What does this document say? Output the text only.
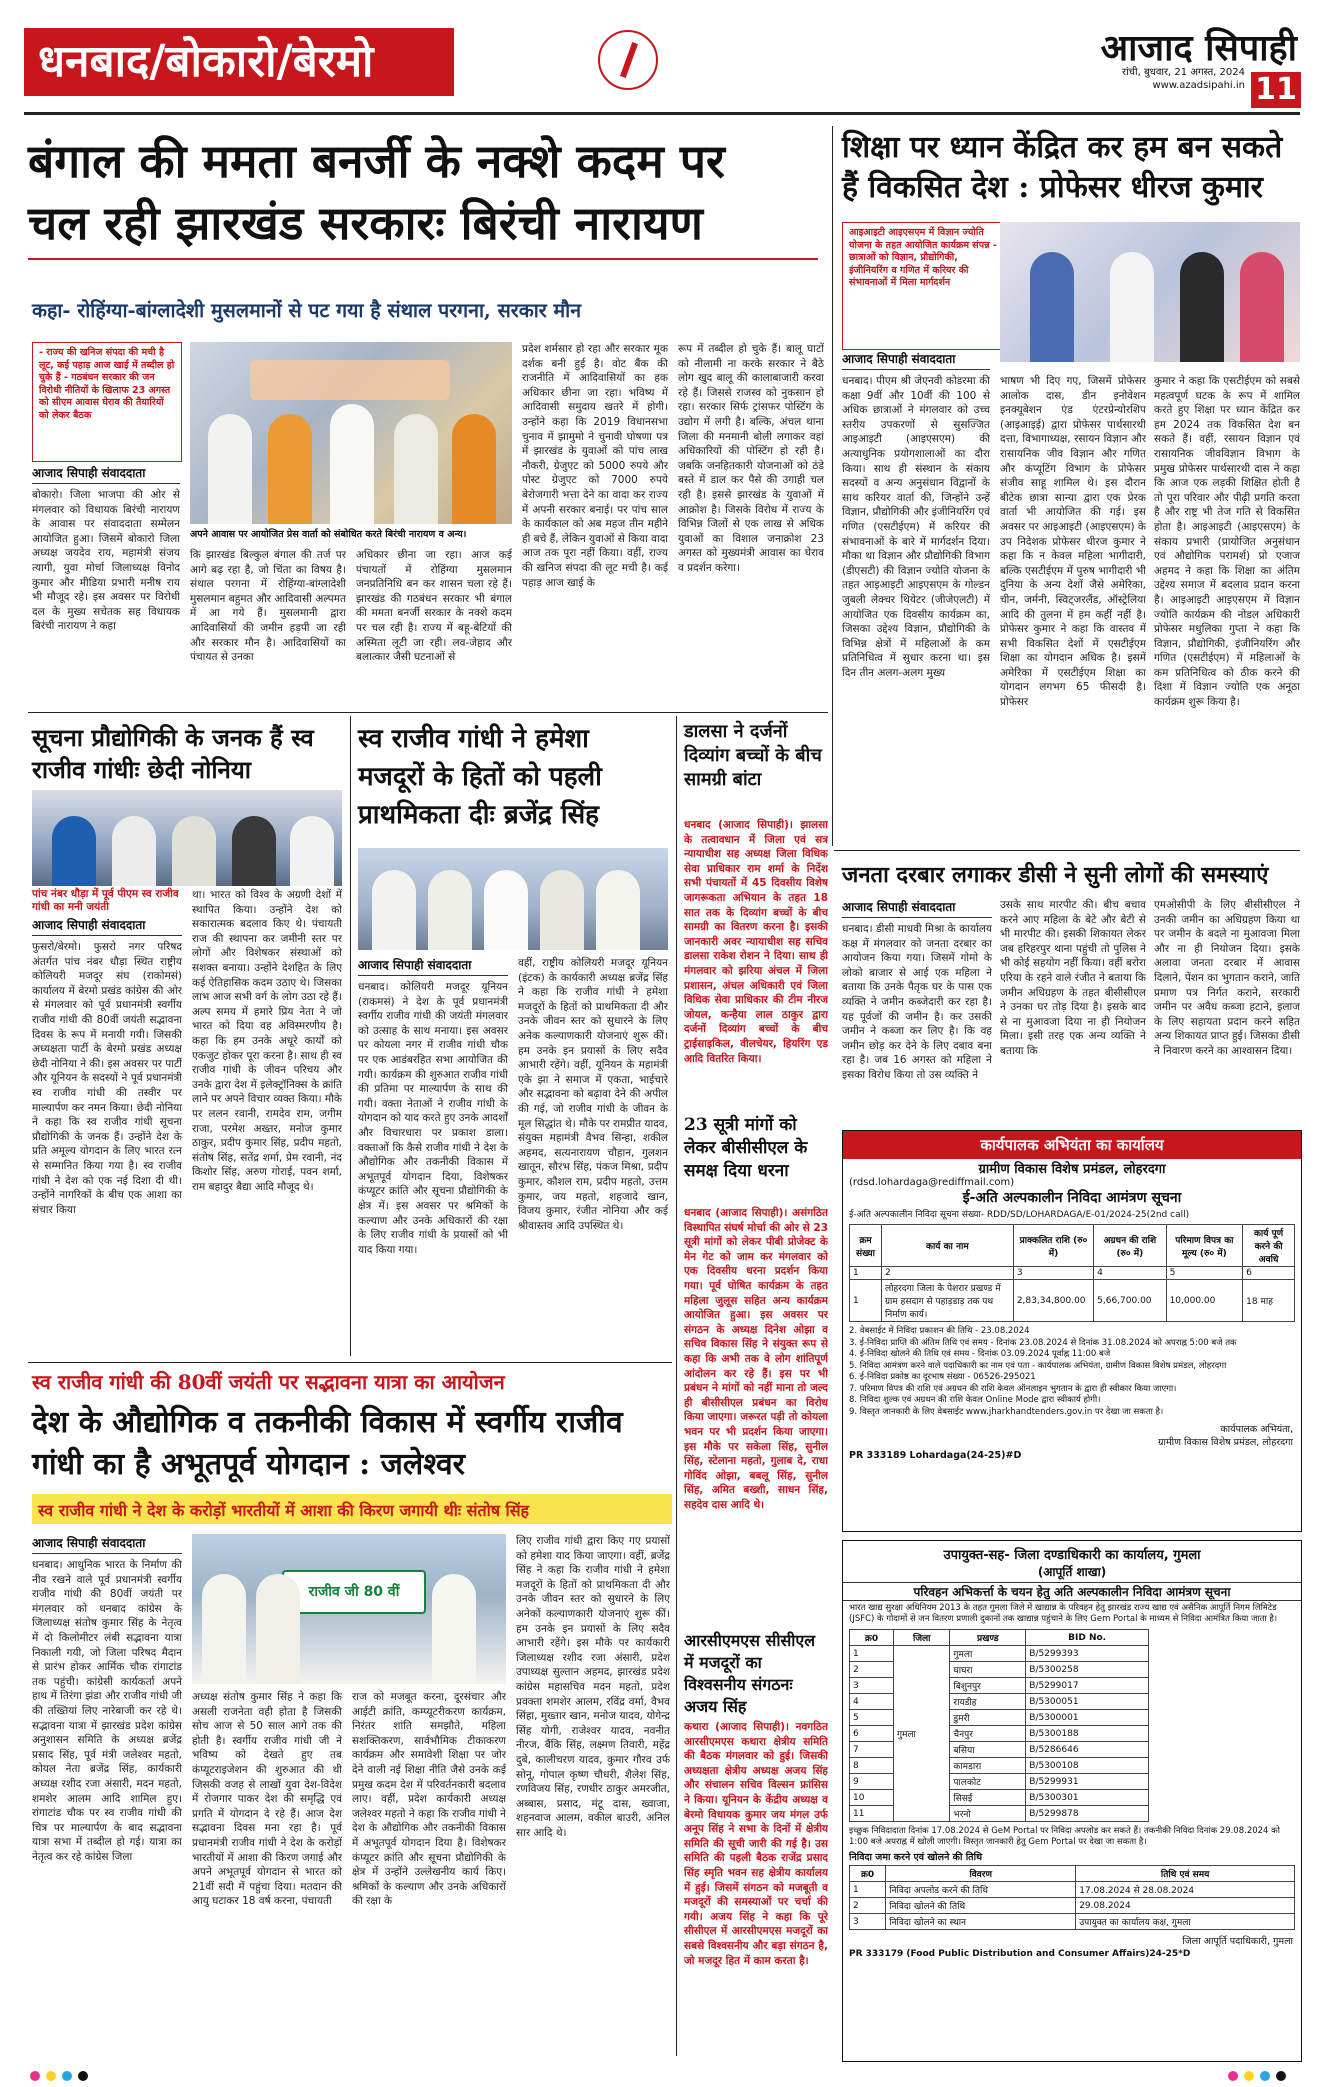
धनबाद/बोकारो/बेरमो	आजाद सिपाही
रांची, बुधवार, 21 अगस्त, 2024
www.azadsipahi.in 11
बंगाल की ममता बनर्जी के नक्शे कदम पर
चल रही झारखंड सरकारः बिरंची नारायण
कहा- रोहिंग्या-बांग्लादेशी मुसलमानों से पट गया है संथाल परगना, सरकार मौन
- राज्य की खनिज संपदा की मची है लूट, कई पहाड़ आज खाई में तब्दील हो चुके हैं - गठबंधन सरकार की जन विरोधी नीतियों के खिलाफ 23 अगस्त को सीएम आवास घेराव की तैयारियों को लेकर बैठक
आजाद सिपाही संवाददाता
बोकारो। जिला भाजपा की ओर से मंगलवार को विधायक बिरंची नारायण के आवास पर संवाददाता सम्मेलन आयोजित हुआ। जिसमें बोकारो जिला अध्यक्ष जयदेव राय, महामंत्री संजय त्यागी, युवा मोर्चा जिलाध्यक्ष विनोद कुमार और मीडिया प्रभारी मनीष राय भी मौजूद रहे। इस अवसर पर विरोधी दल के मुख्य सचेतक सह विधायक बिरंची नारायण ने कहा
अपने आवास पर आयोजित प्रेस वार्ता को संबोधित करते बिरंची नारायण व अन्य।
कि झारखंड बिल्कुल बंगाल की तर्ज पर आगे बढ़ रहा है, जो चिंता का विषय है। संथाल परगना में रोहिंग्या-बांग्लादेशी मुसलमान बहुमत और आदिवासी अल्पमत में आ गये हैं। मुसलमानी द्वारा आदिवासियों की जमीन हड़पी जा रही और सरकार मौन है। आदिवासियों का पंचायत से उनका
अधिकार छीना जा रहा। आज कई पंचायतों में रोहिंग्या मुसलमान जनप्रतिनिधि बन कर शासन चला रहे हैं। झारखंड की गठबंधन सरकार भी बंगाल की ममता बनर्जी सरकार के नक्शे कदम पर चल रही है। राज्य में बहू-बेटियों की अस्मिता लूटी जा रही। लव-जेहाद और बलात्कार जैसी घटनाओं से
प्रदेश शर्मसार हो रहा और सरकार मूक दर्शक बनी हुई है। वोट बैंक की राजनीति में आदिवासियों का हक अधिकार छीना जा रहा। भविष्य में आदिवासी समुदाय खतरे में होगी। उन्होंने कहा कि 2019 विधानसभा चुनाव में झामुमो ने चुनावी घोषणा पत्र में झारखंड के युवाओं को पांच लाख नौकरी, ग्रेजुएट को 5000 रुपये और पोस्ट ग्रेजुएट को 7000 रुपये बेरोजगारी भत्ता देने का वादा कर राज्य में अपनी सरकार बनाई। पर पांच साल के कार्यकाल को अब महज तीन महीने ही बचे हैं, लेकिन युवाओं से किया वादा आज तक पूरा नहीं किया। वहीं, राज्य की खनिज संपदा की लूट मची है। कई पहाड़ आज खाई के
रूप में तब्दील हो चुके हैं। बालू घाटों को नीलामी ना करके सरकार ने बैठे लोग खुद बालू की कालाबाजारी करवा रहे हैं। जिससे राजस्व को नुकसान हो रहा। सरकार सिर्फ ट्रांसफर पोस्टिंग के उद्योग में लगी है। बल्कि, अंचल थाना जिला की मनमानी बोली लगाकर वहां अधिकारियों की पोस्टिंग हो रही है। जबकि जनहितकारी योजनाओं को ठंडे बस्ते में डाल कर पैसे की उगाही चल रही है। इससे झारखंड के युवाओं में आक्रोश है। जिसके विरोध में राज्य के विभिन्न जिलों से एक लाख से अधिक युवाओं का विशाल जनाक्रोश 23 अगस्त को मुख्यमंत्री आवास का घेराव व प्रदर्शन करेगा।
शिक्षा पर ध्यान केंद्रित कर हम बन सकते हैं विकसित देश : प्रोफेसर धीरज कुमार
आइआइटी आइएसएम में विज्ञान ज्योति योजना के तहत आयोजित कार्यक्रम संपन्न - छात्राओं को विज्ञान, प्रौद्योगिकी, इंजीनियरिंग व गणित में करियर की संभावनाओं में मिला मार्गदर्शन
आजाद सिपाही संवाददाता
धनबाद। पीएम श्री जेएनवी कोडरमा की कक्षा 9वीं और 10वीं की 100 से अधिक छात्राओं ने मंगलवार को उच्च स्तरीय उपकरणों से सुसज्जित आइआइटी (आइएसएम) की अत्याधुनिक प्रयोगशालाओं का दौरा किया। साथ ही संस्थान के संकाय सदस्यों व अन्य अनुसंधान विद्वानों के साथ करियर वार्ता की, जिन्होंने उन्हें विज्ञान, प्रौद्योगिकी और इंजीनियरिंग एवं गणित (एसटीईएम) में करियर की संभावनाओं के बारे में मार्गदर्शन दिया। मौका था विज्ञान और प्रौद्योगिकी विभाग (डीएसटी) की विज्ञान ज्योति योजना के तहत आइआइटी आइएसएम के गोल्डन जुबली लेक्चर थियेटर (जीजेएलटी) में आयोजित एक दिवसीय कार्यक्रम का, जिसका उद्देश्य विज्ञान, प्रौद्योगिकी के विभिन्न क्षेत्रों में महिलाओं के कम प्रतिनिधित्व में सुधार करना था। इस दिन तीन अलग-अलग मुख्य
भाषण भी दिए गए, जिसमें प्रोफेसर आलोक दास, डीन इनोवेशन इनक्यूबेशन एंड एंटरप्रेन्योरशिप (आइआइई) द्वारा प्रोफेसर पार्थसारथी दत्ता, विभागाध्यक्ष, रसायन विज्ञान और रासायनिक जीव विज्ञान और गणित और कंप्यूटिंग विभाग के प्रोफेसर संजीव साहू शामिल थे। इस दौरान बीटेक छात्रा सान्या द्वारा एक प्रेरक वार्ता भी आयोजित की गई। इस अवसर पर आइआइटी (आइएसएम) के उप निदेशक प्रोफेसर धीरज कुमार ने कहा कि न केवल महिला भागीदारी, बल्कि एसटीईएम में पुरुष भागीदारी भी दुनिया के अन्य देशों जैसे अमेरिका, चीन, जर्मनी, स्विट्जरलैंड, ऑस्ट्रेलिया आदि की तुलना में हम कहीं नहीं है। प्रोफेसर कुमार ने कहा कि वास्तव में सभी विकसित देशों में एसटीईएम शिक्षा का योगदान अधिक है। इसमें अमेरिका में एसटीईएम शिक्षा का योगदान लगभग 65 फीसदी है। प्रोफेसर
कुमार ने कहा कि एसटीईएम को सबसे महत्वपूर्ण घटक के रूप में शामिल करते हुए शिक्षा पर ध्यान केंद्रित कर हम 2024 तक विकसित देश बन सकते हैं। वहीं, रसायन विज्ञान एवं रासायनिक जीवविज्ञान विभाग के प्रमुख प्रोफेसर पार्थसारथी दास ने कहा कि आज एक लड़की शिक्षित होती है तो पूरा परिवार और पीढ़ी प्रगति करता है और राष्ट्र भी तेज गति से विकसित होता है। आइआइटी (आइएसएम) के संकाय प्रभारी (प्रायोजित अनुसंधान एवं औद्योगिक परामर्श) प्रो एजाज अहमद ने कहा कि शिक्षा का अंतिम उद्देश्य समाज में बदलाव प्रदान करना है। आइआइटी आइएसएम में विज्ञान ज्योति कार्यक्रम की नोडल अधिकारी प्रोफेसर मधुलिका गुप्ता ने कहा कि विज्ञान, प्रौद्योगिकी, इंजीनियरिंग और गणित (एसटीईएम) में महिलाओं के कम प्रतिनिधित्व को ठीक करने की दिशा में विज्ञान ज्योति एक अनूठा कार्यक्रम शुरू किया है।
सूचना प्रौद्योगिकी के जनक हैं स्व राजीव गांधीः छेदी नोनिया
पांच नंबर धौड़ा में पूर्व पीएम स्व राजीव गांधी का मनी जयंती
आजाद सिपाही संवाददाता
फुसरो/बेरमो। फुसरो नगर परिषद अंतर्गत पांच नंबर धौड़ा स्थित राष्ट्रीय कोलियरी मजदूर संघ (राकोमसं) कार्यालय में बेरमो प्रखंड कांग्रेस की ओर से मंगलवार को पूर्व प्रधानमंत्री स्वर्गीय राजीव गांधी की 80वीं जयंती सद्भावना दिवस के रूप में मनायी गयी। जिसकी अध्यक्षता पार्टी के बेरमो प्रखंड अध्यक्ष छेदी नोनिया ने की। इस अवसर पर पार्टी और यूनियन के सदस्यों ने पूर्व प्रधानमंत्री स्व राजीव गांधी की तस्वीर पर माल्यार्पण कर नमन किया। छेदी नोनिया ने कहा कि स्व राजीव गांधी सूचना प्रौद्योगिकी के जनक हैं। उन्होंने देश के प्रति अमूल्य योगदान के लिए भारत रत्न से सम्मानित किया गया है। स्व राजीव गांधी ने देश को एक नई दिशा दी थी। उन्होंने नागरिकों के बीच एक आशा का संचार किया
था। भारत को विश्व के अग्रणी देशों में स्थापित किया। उन्होंने देश को सकारात्मक बदलाव किए थे। पंचायती राज की स्थापना कर जमीनी स्तर पर लोगों और विशेषकर संस्थाओं को सशक्त बनाया। उन्होंने देशहित के लिए कई ऐतिहासिक कदम उठाए थे। जिसका लाभ आज सभी वर्ग के लोग उठा रहे हैं। अल्प समय में हमारे प्रिय नेता ने जो भारत को दिया वह अविस्मरणीय है। कहा कि हम उनके अधूरे कार्यों को एकजुट होकर पूरा करना है। साथ ही स्व राजीव गांधी के जीवन परिचय और उनके द्वारा देश में इलेक्ट्रॉनिक्स के क्रांति लाने पर अपने विचार व्यक्त किया। मौके पर ललन रवानी, रामदेव राम, जगीम राजा, परमेश अख्तर, मनोज कुमार ठाकुर, प्रदीप कुमार सिंह, प्रदीप महतो, संतोष सिंह, सतेंद्र शर्मा, प्रेम रवानी, नंद किशोर सिंह, अरुण गोराई, पवन शर्मा, राम बहादुर बैद्या आदि मौजूद थे।
स्व राजीव गांधी ने हमेशा मजदूरों के हितों को पहली प्राथमिकता दीः ब्रजेंद्र सिंह
आजाद सिपाही संवाददाता
धनबाद। कोलियरी मजदूर यूनियन (राकमसं) ने देश के पूर्व प्रधानमंत्री स्वर्गीय राजीव गांधी की जयंती मंगलवार को उत्साह के साथ मनाया। इस अवसर पर कोयला नगर में राजीव गांधी चौक पर एक आडंबरहित सभा आयोजित की गयी। कार्यक्रम की शुरुआत राजीव गांधी की प्रतिमा पर माल्यार्पण के साथ की गयी। वक्ता नेताओं ने राजीव गांधी के योगदान को याद करते हुए उनके आदर्शों और विचारधारा पर प्रकाश डाला। वक्ताओं कि कैसे राजीव गांधी ने देश के औद्योगिक और तकनीकी विकास में अभूतपूर्व योगदान दिया, विशेषकर कंप्यूटर क्रांति और सूचना प्रौद्योगिकी के क्षेत्र में। इस अवसर पर श्रमिकों के कल्याण और उनके अधिकारों की रक्षा के लिए राजीव गांधी के प्रयासों को भी याद किया गया।
वहीं, राष्ट्रीय कोलियरी मजदूर यूनियन (इंटक) के कार्यकारी अध्यक्ष ब्रजेंद्र सिंह ने कहा कि राजीव गांधी ने हमेशा मजदूरों के हितों को प्राथमिकता दी और उनके जीवन स्तर को सुधारने के लिए अनेक कल्याणकारी योजनाएं शुरू कीं। हम उनके इन प्रयासों के लिए सदैव आभारी रहेंगे। वहीं, यूनियन के महामंत्री एके झा ने समाज में एकता, भाईचारे और सद्भावना को बढ़ावा देने की अपील की गई, जो राजीव गांधी के जीवन के मूल सिद्धांत थे। मौके पर रामप्रीत यादव, संयुक्त महामंत्री वैभव सिन्हा, शकील अहमद, सत्यनारायण चौहान, गुलशन खातून, सौरभ सिंह, पंकज मिश्रा, प्रदीप कुमार, कौशल राम, प्रदीप महतो, उत्तम कुमार, जय महतो, शहजादे खान, विजय कुमार, रंजीत नोनिया और कई श्रीवास्तव आदि उपस्थित थे।
डालसा ने दर्जनों दिव्यांग बच्चों के बीच सामग्री बांटा
धनबाद (आजाद सिपाही)। झालसा के तत्वावधान में जिला एवं सत्र न्यायाधीश सह अध्यक्ष जिला विधिक सेवा प्राधिकार राम शर्मा के निर्देश सभी पंचायतों में 45 दिवसीय विशेष जागरूकता अभियान के तहत 18 सात तक के दिव्यांग बच्चों के बीच सामग्री का वितरण करना है। इसकी जानकारी अवर न्यायाधीश सह सचिव डालसा राकेश रोशन ने दिया। साथ ही मंगलवार को झरिया अंचल में जिला प्रशासन, अंचल अधिकारी एवं जिला विधिक सेवा प्राधिकार की टीम नीरज जोयल, कन्हैया लाल ठाकुर द्वारा दर्जनों दिव्यांग बच्चों के बीच ट्राईसाइकिल, वीलचेयर, हियरिंग एड आदि वितरित किया।
23 सूत्री मांगों को लेकर बीसीसीएल के समक्ष दिया धरना
धनबाद (आजाद सिपाही)। असंगठित विस्थापित संघर्ष मोर्चा की ओर से 23 सूत्री मांगों को लेकर पीबी प्रोजेक्ट के मेन गेट को जाम कर मंगलवार को एक दिवसीय धरना प्रदर्शन किया गया। पूर्व घोषित कार्यक्रम के तहत महिला जुलूस सहित अन्य कार्यक्रम आयोजित हुआ। इस अवसर पर संगठन के अध्यक्ष दिनेश ओझा व सचिव विकास सिंह ने संयुक्त रूप से कहा कि अभी तक वे लोग शांतिपूर्ण आंदोलन कर रहे हैं। इस पर भी प्रबंधन ने मांगों को नहीं माना तो जल्द ही बीसीसीएल प्रबंधन का विरोध किया जाएगा। जरूरत पड़ी तो कोयला भवन पर भी प्रदर्शन किया जाएगा। इस मौके पर सकेला सिंह, सुनील सिंह, स्टेलाना महतो, गुलाब दे, राधा गोविंद ओझा, बबलू सिंह, सुनील सिंह, अमित बख्शी, साधन सिंह, सहदेव दास आदि थे।
आरसीएमएस सीसीएल में मजदूरों का विश्वसनीय संगठनः अजय सिंह
कथारा (आजाद सिपाही)। नवगठित आरसीएमएस कथारा क्षेत्रीय समिति की बैठक मंगलवार को हुई। जिसकी अध्यक्षता क्षेत्रीय अध्यक्ष अजय सिंह और संचालन सचिव विल्सन फ्रांसिस ने किया। यूनियन के केंद्रीय अध्यक्ष व बेरमो विधायक कुमार जय मंगल उर्फ अनूप सिंह ने सभा के दिनों में क्षेत्रीय समिति की सूची जारी की गई है। उस समिति की पहली बैठक राजेंद्र प्रसाद सिंह स्मृति भवन सह क्षेत्रीय कार्यालय में हुई। जिसमें संगठन को मजबूती व मजदूरों की समस्याओं पर चर्चा की गयी। अजय सिंह ने कहा कि पूरे सीसीएल में आरसीएमएस मजदूरों का सबसे विश्वसनीय और बड़ा संगठन है, जो मजदूर हित में काम करता है।
जनता दरबार लगाकर डीसी ने सुनी लोगों की समस्याएं
आजाद सिपाही संवाददाता
धनबाद। डीसी माधवी मिश्रा के कार्यालय कक्ष में मंगलवार को जनता दरबार का आयोजन किया गया। जिसमें गोमो के लोको बाजार से आई एक महिला ने बताया कि उनके पैतृक घर के पास एक व्यक्ति ने जमीन कब्जेदारी कर रहा है। यह पूर्वजों की जमीन है। कर उसकी जमीन ने कब्जा कर लिए है। कि वह जमीन छोड़ कर देने के लिए दबाव बना रहा है। जब 16 अगस्त को महिला ने इसका विरोध किया तो उस व्यक्ति ने
उसके साथ मारपीट की। बीच बचाव करने आए महिला के बेटे और बेटी से भी मारपीट की। इसकी शिकायत लेकर जब हरिहरपुर थाना पहुंची तो पुलिस ने भी कोई सहयोग नहीं किया। वहीं बरोरा एरिया के रहने वाले रंजीत ने बताया कि जमीन अधिग्रहण के तहत बीसीसीएल ने उनका घर तोड़ दिया है। इसके बाद से ना मुआवजा दिया ना ही नियोजन मिला। इसी तरह एक अन्य व्यक्ति ने बताया कि
एमओसीपी के लिए बीसीसीएल ने उनकी जमीन का अधिग्रहण किया था पर जमीन के बदले ना मुआवजा मिला और ना ही नियोजन दिया। इसके अलावा जनता दरबार में आवास दिलाने, पेंशन का भुगतान कराने, जाति प्रमाण पत्र निर्गत कराने, सरकारी जमीन पर अवैध कब्जा हटाने, इलाज के लिए सहायता प्रदान करने सहित अन्य शिकायत प्राप्त हुई। जिसका डीसी ने निवारण करने का आश्वासन दिया।
कार्यपालक अभियंता का कार्यालय
ग्रामीण विकास विशेष प्रमंडल, लोहरदगा
(rdsd.lohardaga@rediffmail.com)
ई-अति अल्पकालीन निविदा आमंत्रण सूचना
ई-अति अल्पकालीन निविदा सूचना संख्या- RDD/SD/LOHARDAGA/E-01/2024-25(2nd call)
क्रम संख्या	कार्य का नाम	प्राक्कलित राशि (रु० में)	अग्रधन की राशि (रु० में)	परिमाण विपत्र का मूल्य (रु० में)	कार्य पूर्ण करने की अवधि
1	2	3	4	5	6
1	लोहरदगा जिला के पेशरार प्रखण्ड में ग्राम हसदाग से पहाड़डाड़ तक पथ निर्माण कार्य।	2,83,34,800.00	5,66,700.00	10,000.00	18 माह
2. वेबसाईट में निविदा प्रकाशन की तिथि - 23.08.2024
3. ई-निविदा प्राप्ति की अंतिम तिथि एवं समय - दिनांक 23.08.2024 से दिनांक 31.08.2024 को अपराह्न 5:00 बजे तक
4. ई-निविदा खोलने की तिथि एवं समय - दिनांक 03.09.2024 पूर्वाह्न 11:00 बजे
5. निविदा आमंत्रण करने वाले पदाधिकारी का नाम एवं पता - कार्यपालक अभियंता, ग्रामीण विकास विशेष प्रमंडल, लोहरदगा
6. ई-निविदा प्रकोष्ठ का दूरभाष संख्या - 06526-295021
7. परिमाण विपत्र की राशि एवं अग्रधन की राशि केवल ऑनलाइन भुगतान के द्वारा ही स्वीकार किया जाएगा।
8. निविदा शुल्क एवं अग्रधन की राशि केवल Online Mode द्वारा स्वीकार्य होगी।
9. विस्तृत जानकारी के लिए वेबसाईट www.jharkhandtenders.gov.in पर देखा जा सकता है।
कार्यपालक अभियंता,
ग्रामीण विकास विशेष प्रमंडल, लोहरदगा
PR 333189 Lohardaga(24-25)#D
उपायुक्त-सह- जिला दण्डाधिकारी का कार्यालय, गुमला
(आपूर्ति शाखा)
परिवहन अभिकर्त्ता के चयन हेतु अति अल्पकालीन निविदा आमंत्रण सूचना
भारत खाद्य सुरक्षा अधिनियम 2013 के तहत गुमला जिले में खाद्यान्न के परिवहन हेतु झारखंड राज्य खाद्य एवं असैनिक आपूर्ति निगम लिमिटेड (JSFC) के गोदामों से जन वितरण प्रणाली दुकानों तक खाद्यान्न पहुंचाने के लिए Gem Portal के माध्यम से निविदा आमंत्रित किया जाता है।
क्र0	जिला	प्रखण्ड	BID No.
1	गुमला	गुमला	B/5299393
2		घाघरा	B/5300258
3		बिशुनपुर	B/5299017
4		रायडीह	B/5300051
5		डुमरी	B/5300001
6		चैनपुर	B/5300188
7		बसिया	B/5286646
8		कामडारा	B/5300108
9		पालकोट	B/5299931
10		सिसई	B/5300301
11		भरनो	B/5299878
इच्छुक निविदादाता दिनांक 17.08.2024 से GeM Portal पर निविदा अपलोड कर सकते हैं। तकनीकी निविदा दिनांक 29.08.2024 को 1:00 बजे अपराह्न में खोली जाएगी। विस्तृत जानकारी हेतु Gem Portal पर देखा जा सकता है।
निविदा जमा करने एवं खोलने की तिथि
क्र0	विवरण	तिथि एवं समय
1	निविदा अपलोड करने की तिथि	17.08.2024 से 28.08.2024
2	निविदा खोलने की तिथि	29.08.2024
3	निविदा खोलने का स्थान	उपायुक्त का कार्यालय कक्ष, गुमला
जिला आपूर्ति पदाधिकारी, गुमला
PR 333179 (Food Public Distribution and Consumer Affairs)24-25*D
स्व राजीव गांधी की 80वीं जयंती पर सद्भावना यात्रा का आयोजन
देश के औद्योगिक व तकनीकी विकास में स्वर्गीय राजीव गांधी का है अभूतपूर्व योगदान : जलेश्वर
स्व राजीव गांधी ने देश के करोड़ों भारतीयों में आशा की किरण जगायी थीः संतोष सिंह
आजाद सिपाही संवाददाता
धनबाद। आधुनिक भारत के निर्माण की नीव रखने वाले पूर्व प्रधानमंत्री स्वर्गीय राजीव गांधी की 80वीं जयंती पर मंगलवार को धनबाद कांग्रेस के जिलाध्यक्ष संतोष कुमार सिंह के नेतृत्व में दो किलोमीटर लंबी सद्भावना यात्रा निकाली गयी, जो जिला परिषद मैदान से प्रारंभ होकर आर्मिक चौक रांगाटांड तक पहुंची। कांग्रेसी कार्यकर्ता अपने हाथ में तिरंगा झंडा और राजीव गांधी जी की तख्तियां लिए नारेबाजी कर रहे थे। सद्भावना यात्रा में झारखंड प्रदेश कांग्रेस अनुशासन समिति के अध्यक्ष ब्रजेंद्र प्रसाद सिंह, पूर्व मंत्री जलेश्वर महतो, कोयल नेता ब्रजेंद्र सिंह, कार्यकारी अध्यक्ष रशीद रजा अंसारी, मदन महतो, शमशेर आलम आदि शामिल हुए। रांगाटांड चौक पर स्व राजीव गांधी की चित्र पर माल्यार्पण के बाद सद्भावना यात्रा सभा में तब्दील हो गई। यात्रा का नेतृत्व कर रहे कांग्रेस जिला
राजीव जी 80 वीं
अध्यक्ष संतोष कुमार सिंह ने कहा कि असली राजनेता वही होता है जिसकी सोच आज से 50 साल आगे तक की होती है। स्वर्गीय राजीव गांधी जी ने भविष्य को देखते हुए तब कंप्यूटराइजेशन की शुरुआत की थी जिसकी वजह से लाखों युवा देश-विदेश में रोजगार पाकर देश की समृद्धि एवं प्रगति में योगदान दे रहे हैं। आज देश सद्भावना दिवस मना रहा है। पूर्व प्रधानमंत्री राजीव गांधी ने देश के करोड़ों भारतीयों में आशा की किरण जगाई और अपने अभूतपूर्व योगदान से भारत को 21वीं सदी में पहुंचा दिया। मतदान की आयु घटाकर 18 वर्ष करना, पंचायती
राज को मजबूत करना, दूरसंचार और आईटी क्रांति, कम्प्यूटरीकरण कार्यक्रम, निरंतर शांति समझौते, महिला सशक्तिकरण, सार्वभौमिक टीकाकरण कार्यक्रम और समावेशी शिक्षा पर जोर देने वाली नई शिक्षा नीति जैसे उनके कई प्रमुख कदम देश में परिवर्तनकारी बदलाव लाए। वहीं, प्रदेश कार्यकारी अध्यक्ष जलेश्वर महतो ने कहा कि राजीव गांधी ने देश के औद्योगिक और तकनीकी विकास में अभूतपूर्व योगदान दिया है। विशेषकर कंप्यूटर क्रांति और सूचना प्रौद्योगिकी के क्षेत्र में उन्होंने उल्लेखनीय कार्य किए। श्रमिकों के कल्याण और उनके अधिकारों की रक्षा के
लिए राजीव गांधी द्वारा किए गए प्रयासों को हमेशा याद किया जाएगा। वहीं, ब्रजेंद्र सिंह ने कहा कि राजीव गांधी ने हमेशा मजदूरों के हितों को प्राथमिकता दी और उनके जीवन स्तर को सुधारने के लिए अनेकों कल्याणकारी योजनाएं शुरू कीं। हम उनके इन प्रयासों के लिए सदैव आभारी रहेंगे। इस मौके पर कार्यकारी जिलाध्यक्ष रशीद रजा अंसारी, प्रदेश उपाध्यक्ष सुल्तान अहमद, झारखंड प्रदेश कांग्रेस महासचिव मदन महतो, प्रदेश प्रवक्ता शमशेर आलम, रविंद्र वर्मा, वैभव सिंहा, मुख्तार खान, मनोज यादव, योगेन्द्र सिंह योगी, राजेश्वर यादव, नवनीत नीरज, बैंकि सिंह, लक्ष्मण तिवारी, महेंद्र दुबे, कालीचरण यादव, कुमार गौरव उर्फ सोनू, गोपाल कृष्ण चौधरी, शैलेश सिंह, रणविजय सिंह, रणधीर ठाकुर अमरजीत, अब्बास, प्रसाद, मंटू दास, ख्वाजा, शहनवाज आलम, वकील बाउरी, अनिल सार आदि थे।
